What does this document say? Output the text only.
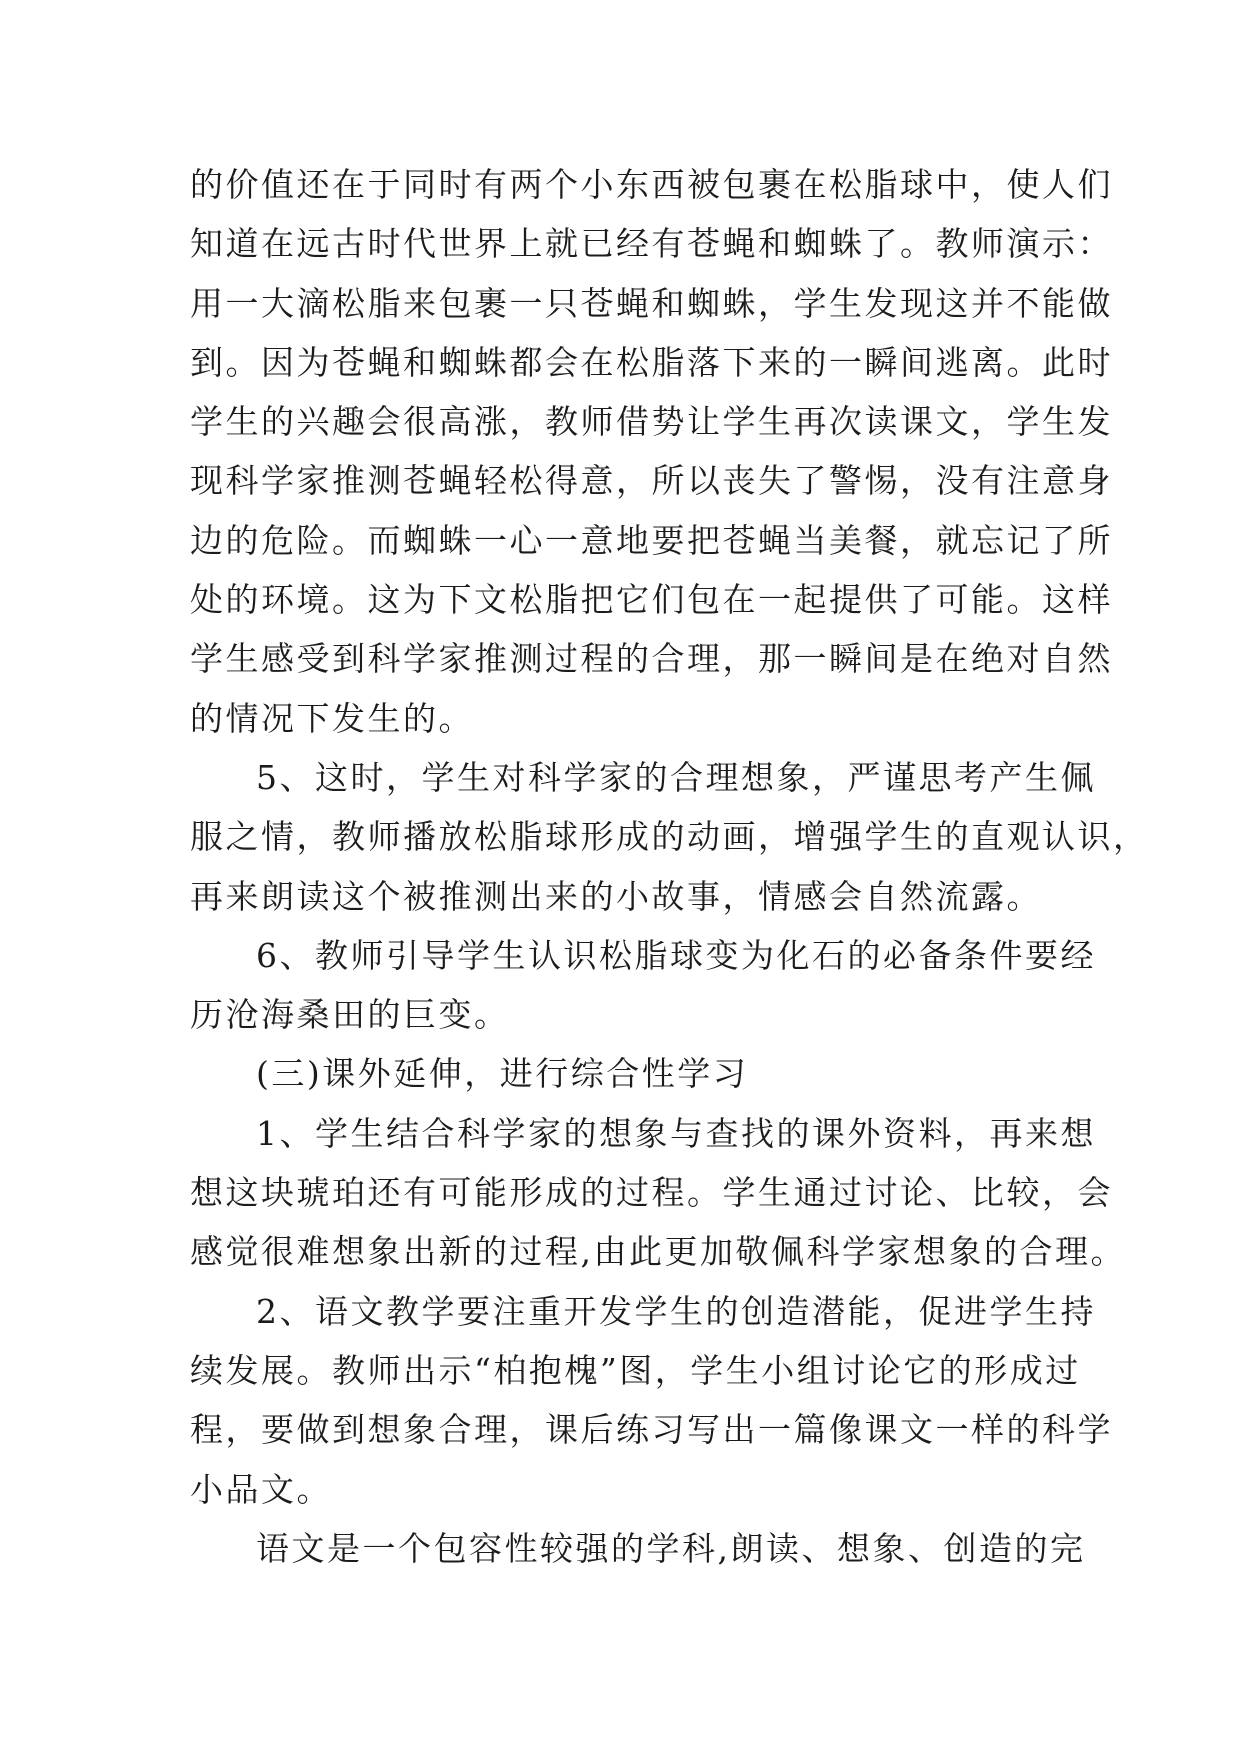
的价值还在于同时有两个小东西被包裹在松脂球中，使人们
知道在远古时代世界上就已经有苍蝇和蜘蛛了。教师演示：
用一大滴松脂来包裹一只苍蝇和蜘蛛，学生发现这并不能做
到。因为苍蝇和蜘蛛都会在松脂落下来的一瞬间逃离。此时
学生的兴趣会很高涨，教师借势让学生再次读课文，学生发
现科学家推测苍蝇轻松得意，所以丧失了警惕，没有注意身
边的危险。而蜘蛛一心一意地要把苍蝇当美餐，就忘记了所
处的环境。这为下文松脂把它们包在一起提供了可能。这样
学生感受到科学家推测过程的合理，那一瞬间是在绝对自然
的情况下发生的。
5、这时，学生对科学家的合理想象，严谨思考产生佩
服之情，教师播放松脂球形成的动画，增强学生的直观认识，
再来朗读这个被推测出来的小故事，情感会自然流露。
6、教师引导学生认识松脂球变为化石的必备条件要经
历沧海桑田的巨变。
(三)课外延伸，进行综合性学习
1、学生结合科学家的想象与查找的课外资料，再来想
想这块琥珀还有可能形成的过程。学生通过讨论、比较，会
感觉很难想象出新的过程,由此更加敬佩科学家想象的合理。
2、语文教学要注重开发学生的创造潜能，促进学生持
续发展。教师出示“柏抱槐”图，学生小组讨论它的形成过
程，要做到想象合理，课后练习写出一篇像课文一样的科学
小品文。
语文是一个包容性较强的学科,朗读、想象、创造的完
